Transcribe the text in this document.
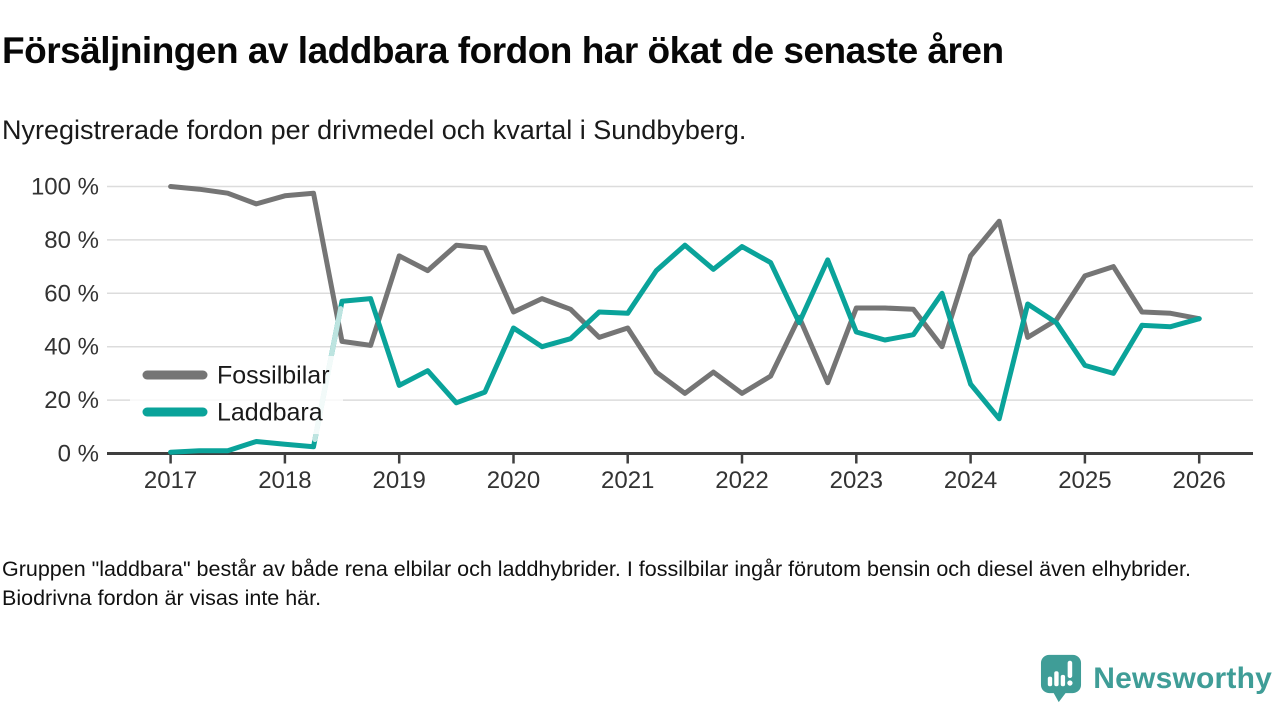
Försäljningen av laddbara fordon har ökat de senaste åren

Nyregistrerade fordon per drivmedel och kvartal i Sundbyberg.

0 %
20 %
40 %
60 %
80 %
100 %
2017	2018	2019	2020	2021	2022	2023	2024	2025	2026
Fossilbilar
Laddbara

Gruppen "laddbara" består av både rena elbilar och laddhybrider. I fossilbilar ingår förutom bensin och diesel även elhybrider. Biodrivna fordon är visas inte här.

Newsworthy
